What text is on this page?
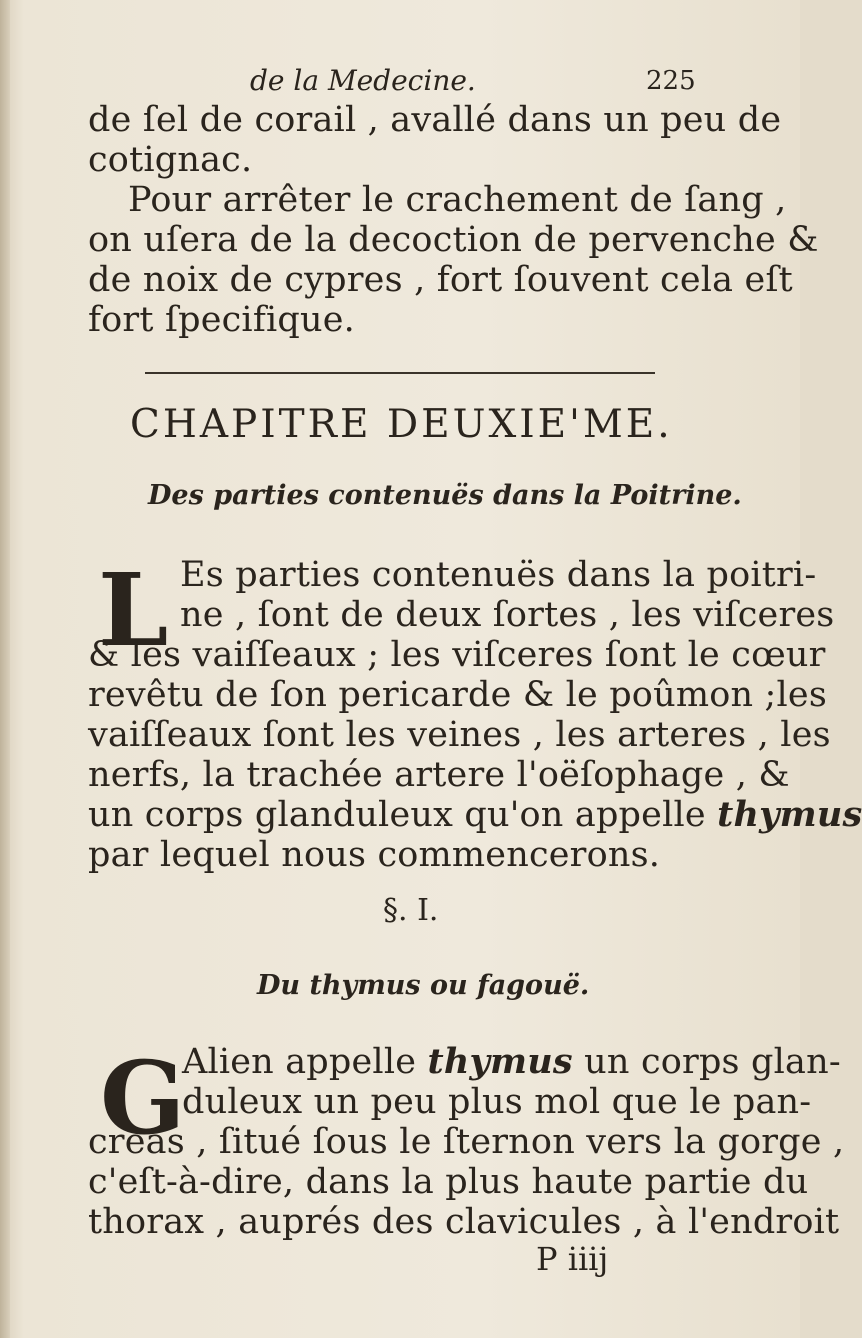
de la Medecine.	225
de ſel de corail , avallé dans un peu de
cotignac.
Pour arrêter le crachement de ſang ,
on uſera de la decoction de pervenche &
de noix de cypres , fort ſouvent cela eſt
fort ſpecifique.
CHAPITRE DEUXIE'ME.
Des parties contenuës dans la Poitrine.
L Es parties contenuës dans la poitri-
ne , ſont de deux ſortes , les viſceres
& les vaiſſeaux ; les viſceres ſont le cœur
revêtu de ſon pericarde & le poûmon ;les
vaiſſeaux ſont les veines , les arteres , les
nerfs, la trachée artere l'oëſophage , &
un corps glanduleux qu'on appelle thymus
par lequel nous commencerons.
§. I.
Du thymus ou fagouë.
G
Alien appelle thymus un corps glan-
duleux un peu plus mol que le pan-
creas , ſitué ſous le ſternon vers la gorge ,
c'eſt-à-dire, dans la plus haute partie du
thorax , auprés des clavicules , à l'endroit
P iiij
